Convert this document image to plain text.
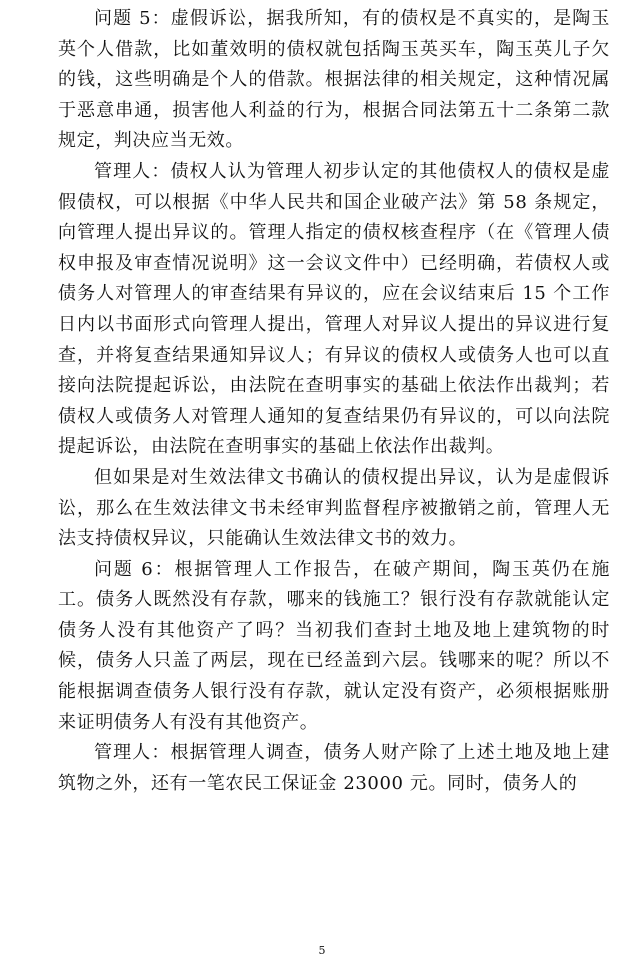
问题 5：虚假诉讼，据我所知，有的债权是不真实的，是陶玉英个人借款，比如董效明的债权就包括陶玉英买车，陶玉英儿子欠的钱，这些明确是个人的借款。根据法律的相关规定，这种情况属于恶意串通，损害他人利益的行为，根据合同法第五十二条第二款规定，判决应当无效。

管理人：债权人认为管理人初步认定的其他债权人的债权是虚假债权，可以根据《中华人民共和国企业破产法》第 58 条规定，向管理人提出异议的。管理人指定的债权核查程序（在《管理人债权申报及审查情况说明》这一会议文件中）已经明确，若债权人或债务人对管理人的审查结果有异议的，应在会议结束后 15 个工作日内以书面形式向管理人提出，管理人对异议人提出的异议进行复查，并将复查结果通知异议人；有异议的债权人或债务人也可以直接向法院提起诉讼，由法院在查明事实的基础上依法作出裁判；若债权人或债务人对管理人通知的复查结果仍有异议的，可以向法院提起诉讼，由法院在查明事实的基础上依法作出裁判。

但如果是对生效法律文书确认的债权提出异议，认为是虚假诉讼，那么在生效法律文书未经审判监督程序被撤销之前，管理人无法支持债权异议，只能确认生效法律文书的效力。

问题 6：根据管理人工作报告，在破产期间，陶玉英仍在施工。债务人既然没有存款，哪来的钱施工？银行没有存款就能认定债务人没有其他资产了吗？当初我们查封土地及地上建筑物的时候，债务人只盖了两层，现在已经盖到六层。钱哪来的呢？所以不能根据调查债务人银行没有存款，就认定没有资产，必须根据账册来证明债务人有没有其他资产。

管理人：根据管理人调查，债务人财产除了上述土地及地上建筑物之外，还有一笔农民工保证金 23000 元。同时，债务人的

5
